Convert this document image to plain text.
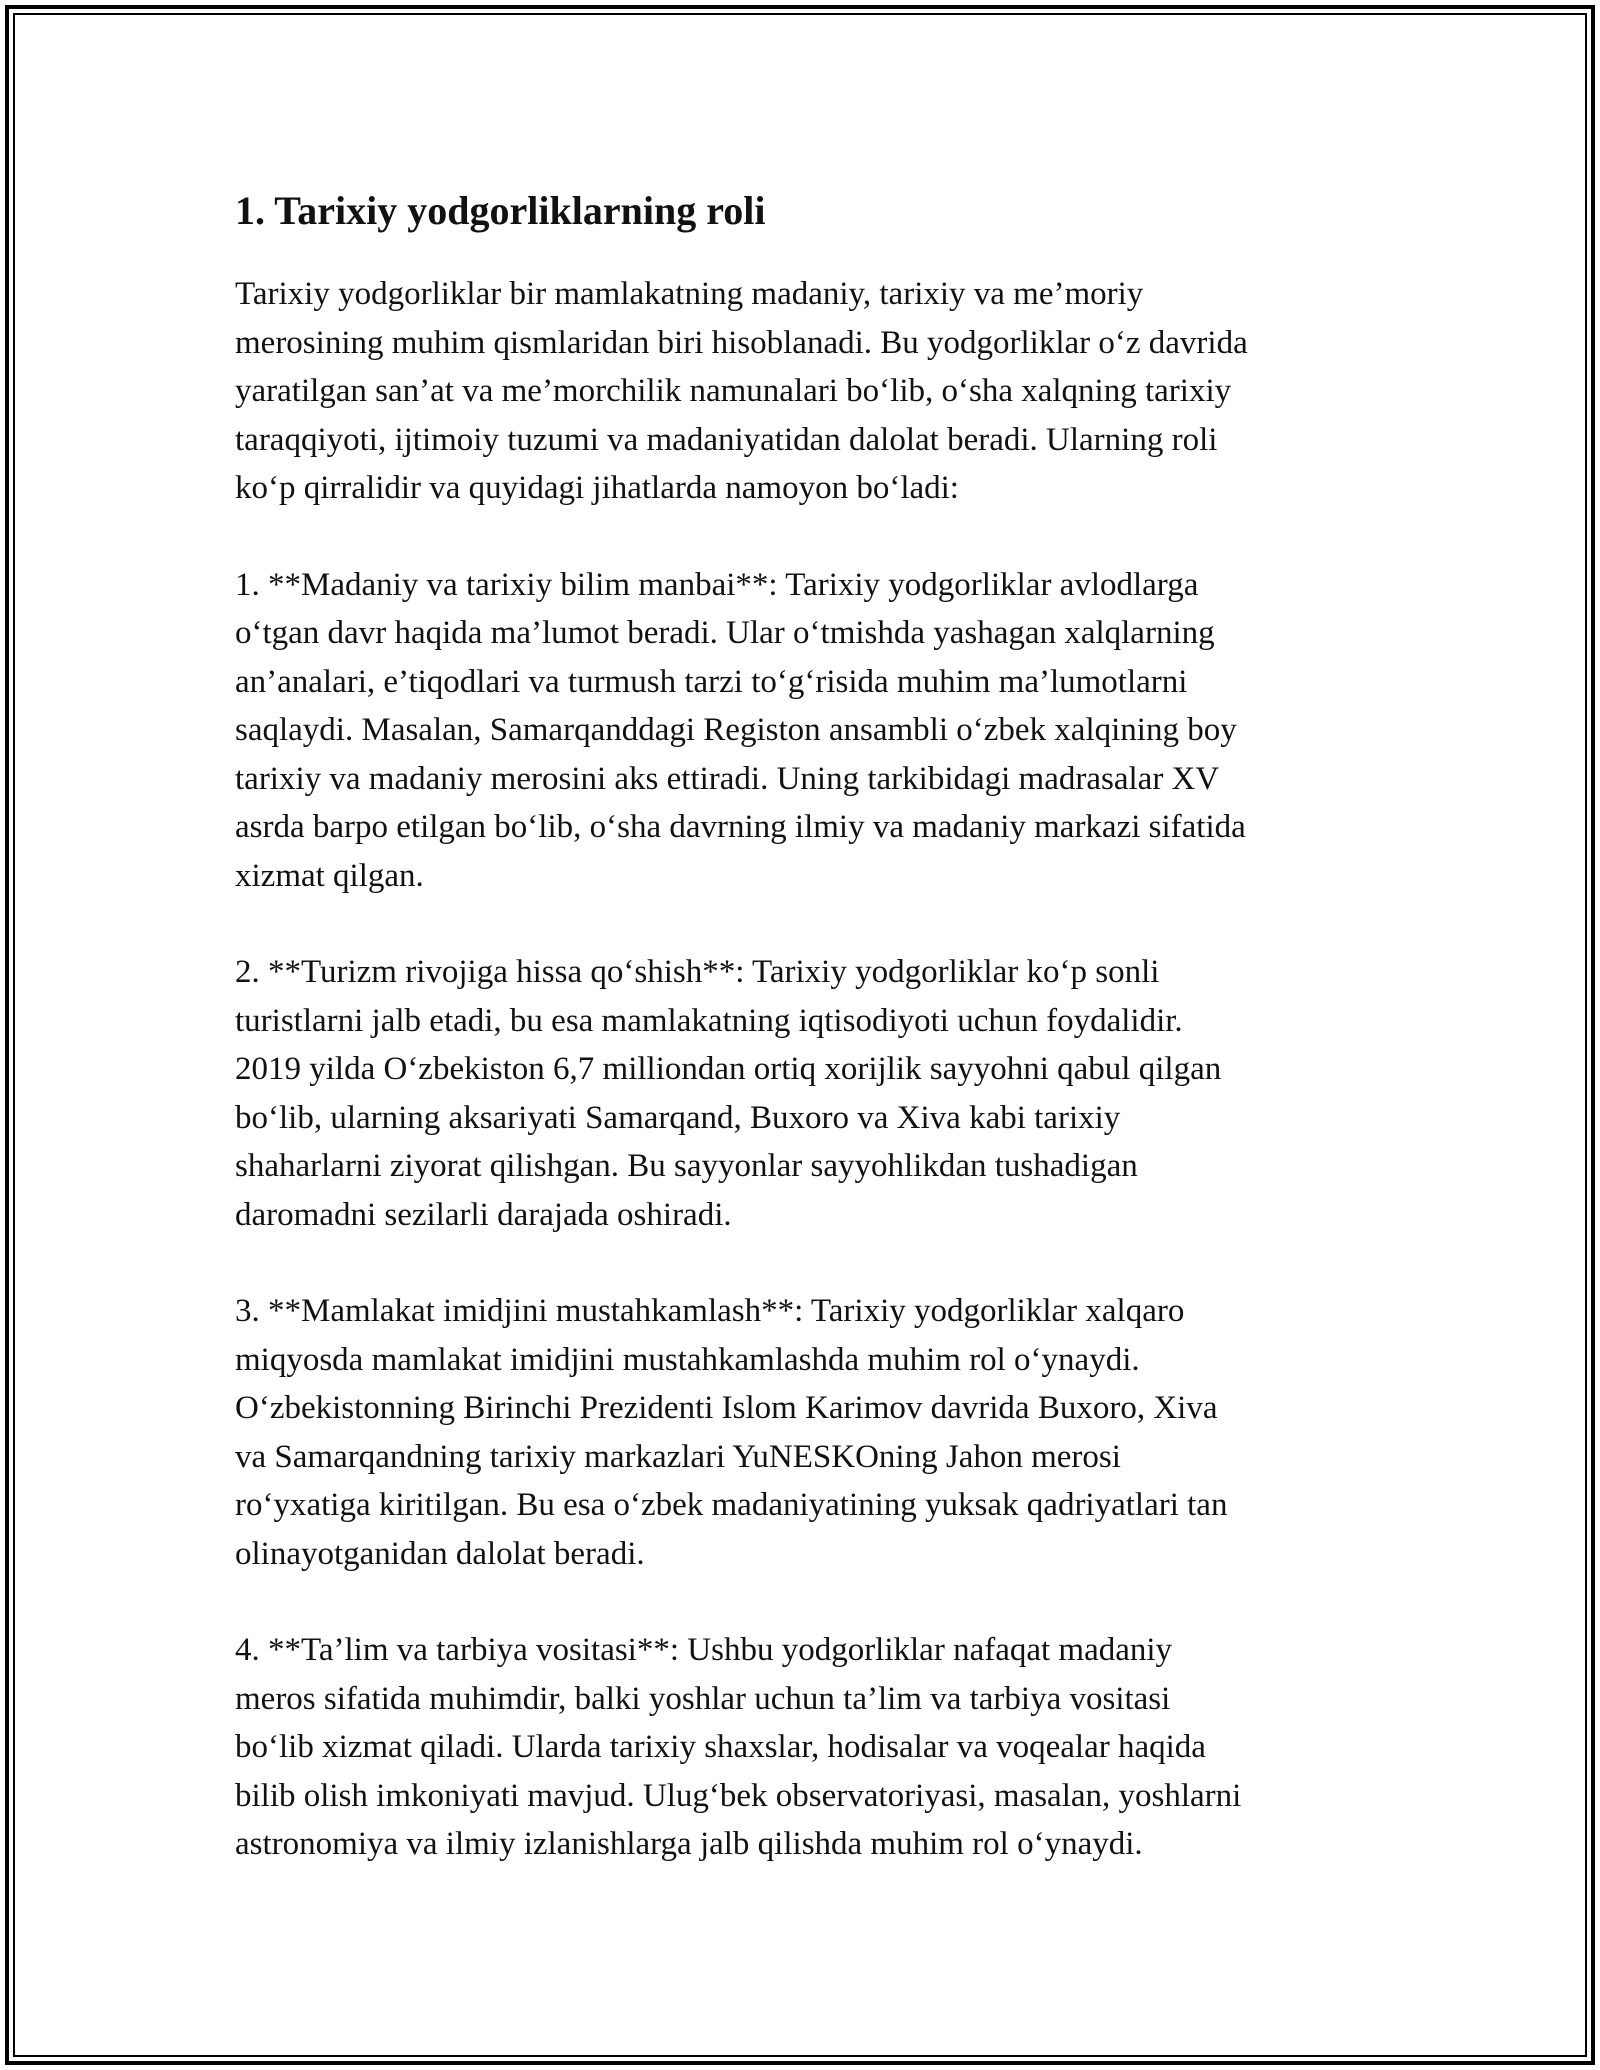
1. Tarixiy yodgorliklarning roli

Tarixiy yodgorliklar bir mamlakatning madaniy, tarixiy va me’moriy
merosining muhim qismlaridan biri hisoblanadi. Bu yodgorliklar o‘z davrida
yaratilgan san’at va me’morchilik namunalari bo‘lib, o‘sha xalqning tarixiy
taraqqiyoti, ijtimoiy tuzumi va madaniyatidan dalolat beradi. Ularning roli
ko‘p qirralidir va quyidagi jihatlarda namoyon bo‘ladi:

1. **Madaniy va tarixiy bilim manbai**: Tarixiy yodgorliklar avlodlarga
o‘tgan davr haqida ma’lumot beradi. Ular o‘tmishda yashagan xalqlarning
an’analari, e’tiqodlari va turmush tarzi to‘g‘risida muhim ma’lumotlarni
saqlaydi. Masalan, Samarqanddagi Registon ansambli o‘zbek xalqining boy
tarixiy va madaniy merosini aks ettiradi. Uning tarkibidagi madrasalar XV
asrda barpo etilgan bo‘lib, o‘sha davrning ilmiy va madaniy markazi sifatida
xizmat qilgan.

2. **Turizm rivojiga hissa qo‘shish**: Tarixiy yodgorliklar ko‘p sonli
turistlarni jalb etadi, bu esa mamlakatning iqtisodiyoti uchun foydalidir.
2019 yilda O‘zbekiston 6,7 milliondan ortiq xorijlik sayyohni qabul qilgan
bo‘lib, ularning aksariyati Samarqand, Buxoro va Xiva kabi tarixiy
shaharlarni ziyorat qilishgan. Bu sayyonlar sayyohlikdan tushadigan
daromadni sezilarli darajada oshiradi.

3. **Mamlakat imidjini mustahkamlash**: Tarixiy yodgorliklar xalqaro
miqyosda mamlakat imidjini mustahkamlashda muhim rol o‘ynaydi.
O‘zbekistonning Birinchi Prezidenti Islom Karimov davrida Buxoro, Xiva
va Samarqandning tarixiy markazlari YuNESKOning Jahon merosi
ro‘yxatiga kiritilgan. Bu esa o‘zbek madaniyatining yuksak qadriyatlari tan
olinayotganidan dalolat beradi.

4. **Ta’lim va tarbiya vositasi**: Ushbu yodgorliklar nafaqat madaniy
meros sifatida muhimdir, balki yoshlar uchun ta’lim va tarbiya vositasi
bo‘lib xizmat qiladi. Ularda tarixiy shaxslar, hodisalar va voqealar haqida
bilib olish imkoniyati mavjud. Ulug‘bek observatoriyasi, masalan, yoshlarni
astronomiya va ilmiy izlanishlarga jalb qilishda muhim rol o‘ynaydi.
